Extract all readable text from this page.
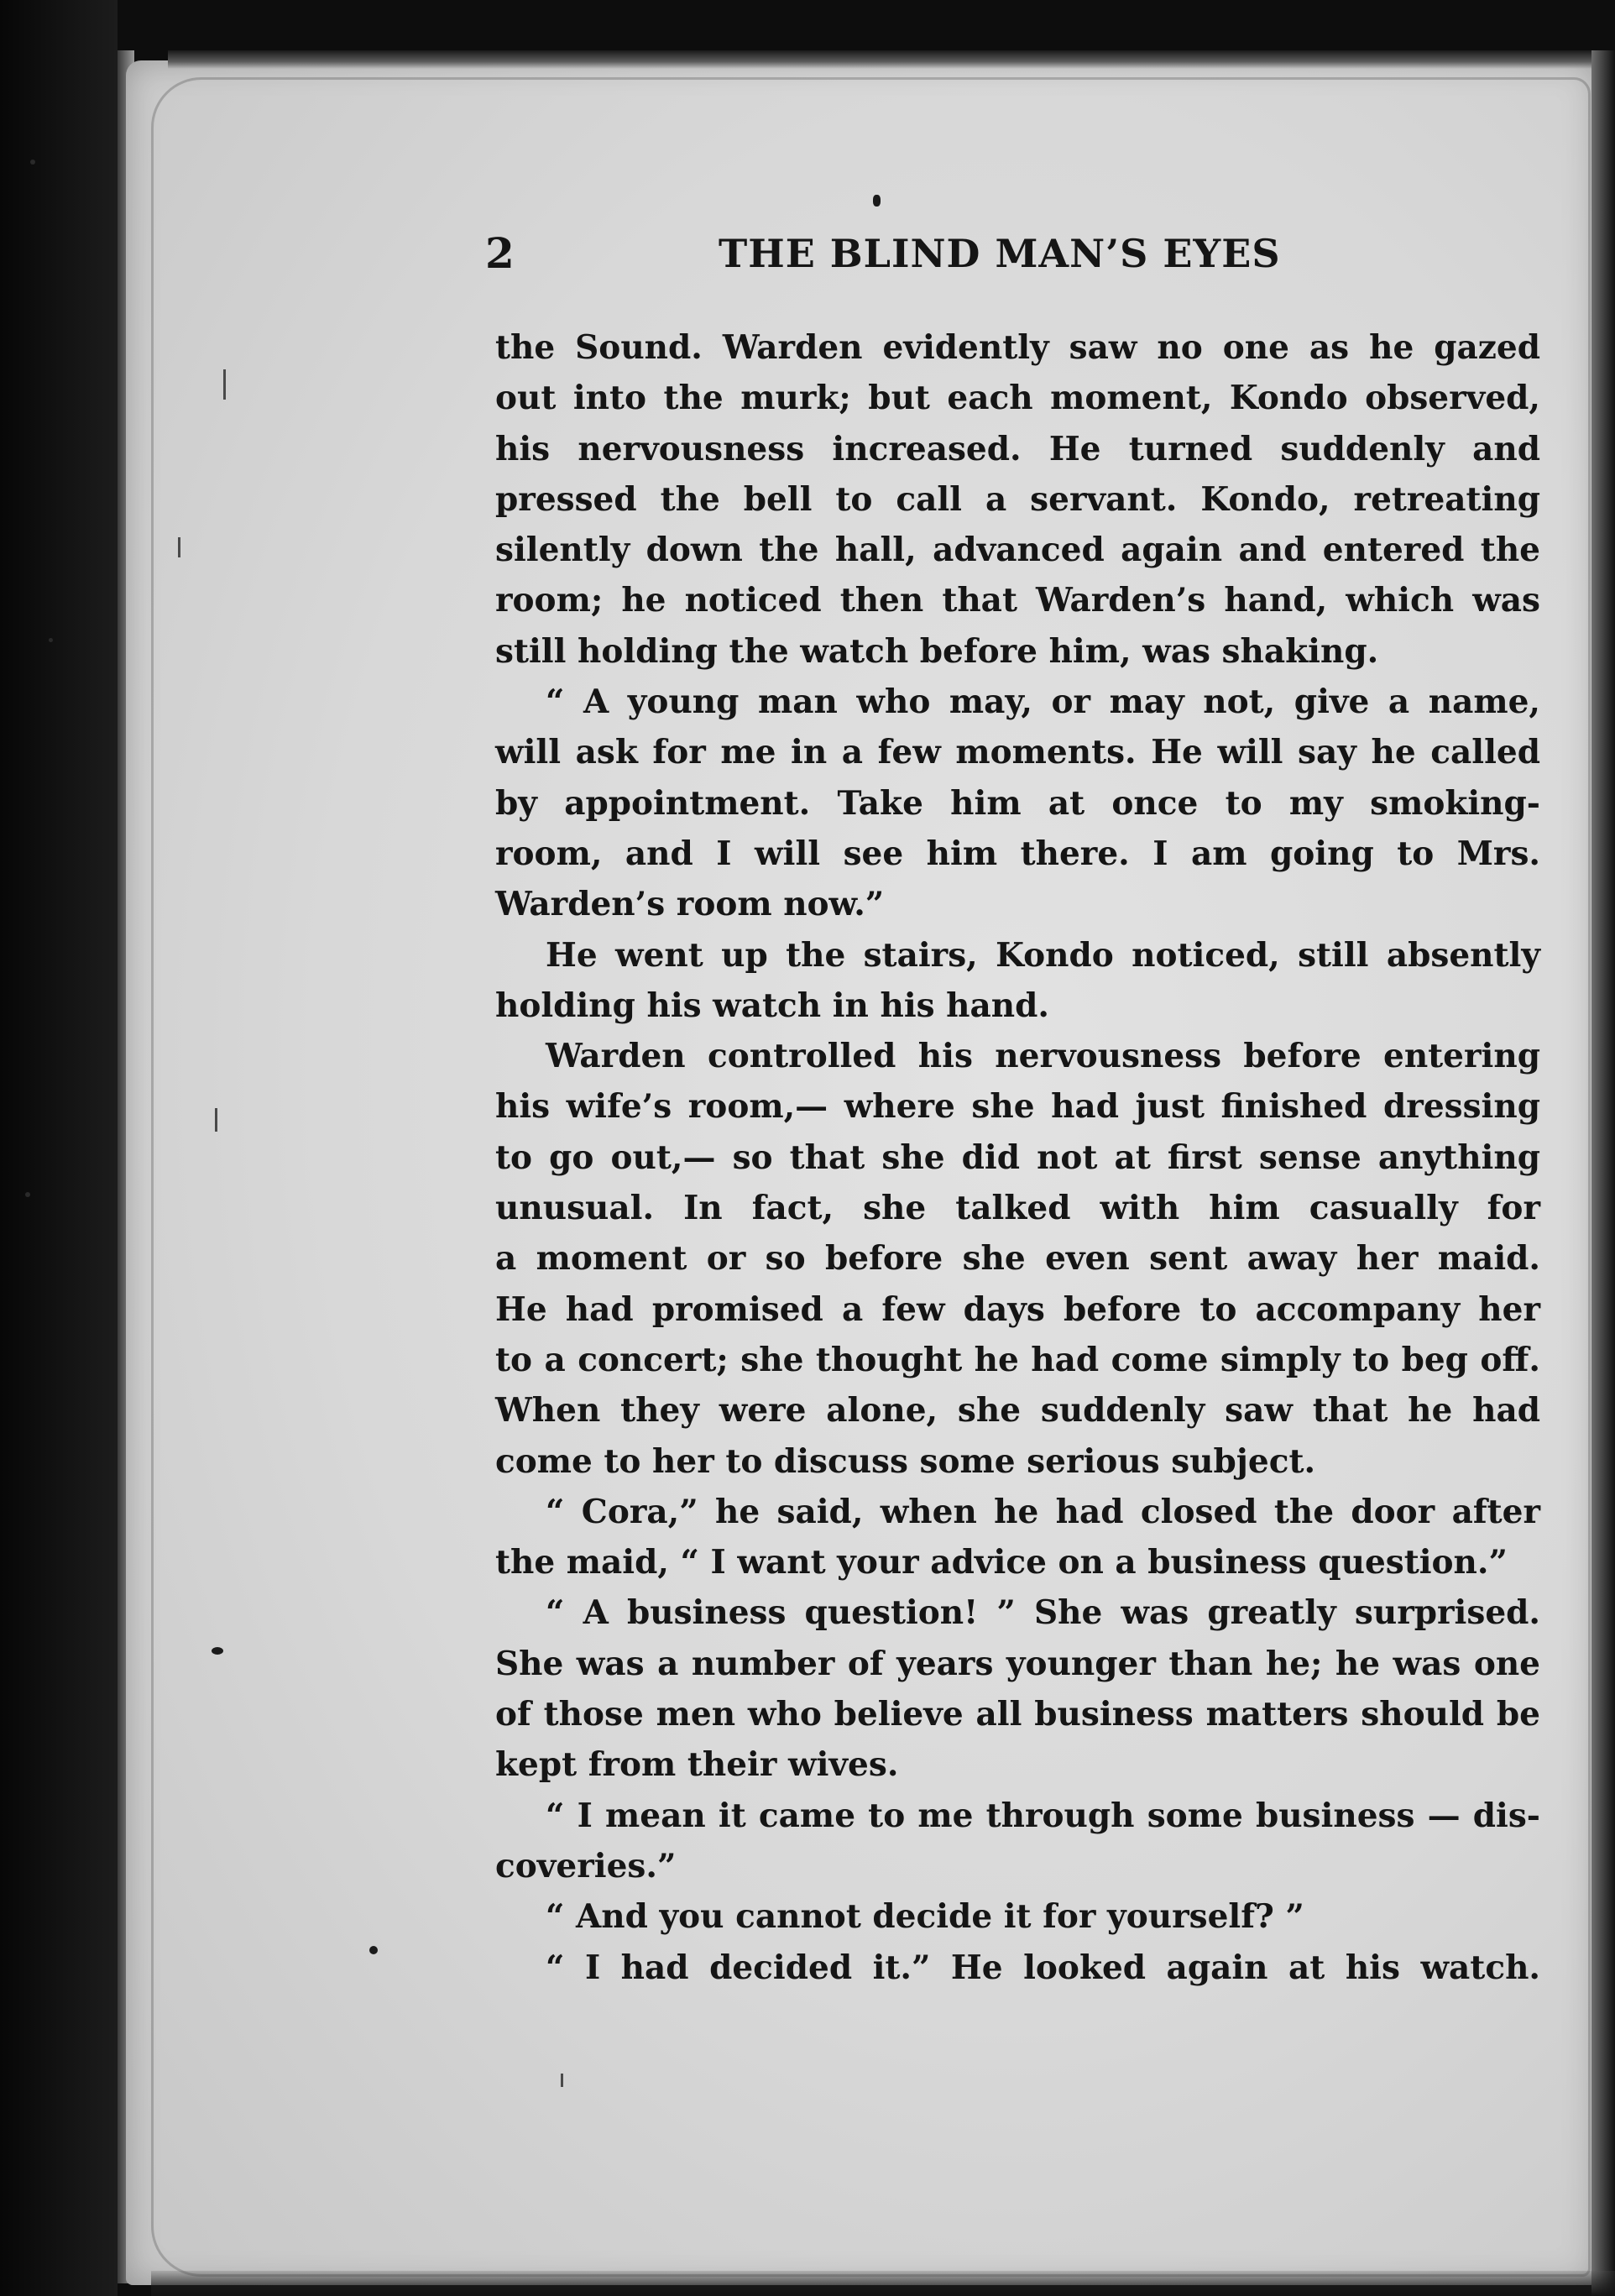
2	THE BLIND MAN’S EYES
the Sound. Warden evidently saw no one as he gazed
out into the murk; but each moment, Kondo observed,
his nervousness increased. He turned suddenly and
pressed the bell to call a servant. Kondo, retreating
silently down the hall, advanced again and entered the
room; he noticed then that Warden’s hand, which was
still holding the watch before him, was shaking.
“ A young man who may, or may not, give a name,
will ask for me in a few moments. He will say he called
by appointment. Take him at once to my smoking-
room, and I will see him there. I am going to Mrs.
Warden’s room now.”
He went up the stairs, Kondo noticed, still absently
holding his watch in his hand.
Warden controlled his nervousness before entering
his wife’s room,— where she had just finished dressing
to go out,— so that she did not at first sense anything
unusual. In fact, she talked with him casually for
a moment or so before she even sent away her maid.
He had promised a few days before to accompany her
to a concert; she thought he had come simply to beg off.
When they were alone, she suddenly saw that he had
come to her to discuss some serious subject.
“ Cora,” he said, when he had closed the door after
the maid, “ I want your advice on a business question.”
“ A business question! ” She was greatly surprised.
She was a number of years younger than he; he was one
of those men who believe all business matters should be
kept from their wives.
“ I mean it came to me through some business — dis-
coveries.”
“ And you cannot decide it for yourself? ”
“ I had decided it.” He looked again at his watch.
